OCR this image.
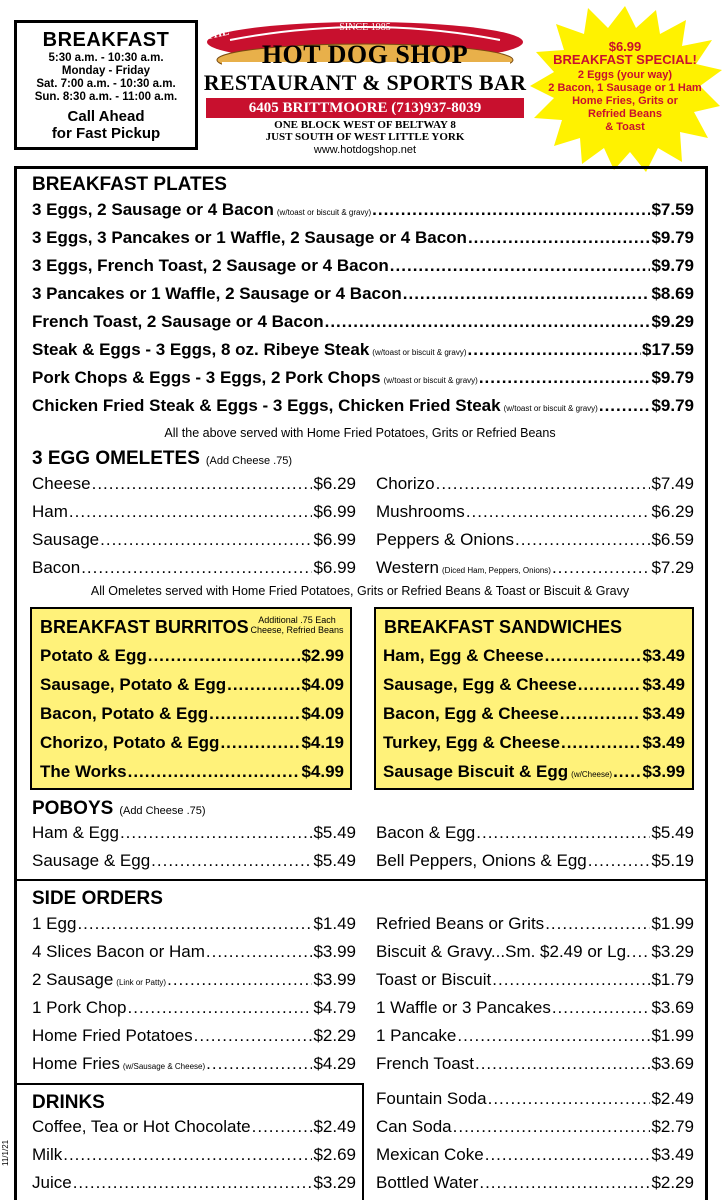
BREAKFAST
5:30 a.m. - 10:30 a.m.
Monday - Friday
Sat. 7:00 a.m. - 10:30 a.m.
Sun. 8:30 a.m. - 11:00 a.m.
Call Ahead
for Fast Pickup
THE	SINCE 1985
HOT DOG SHOP
RESTAURANT & SPORTS BAR
6405 BRITTMOORE (713)937-8039
ONE BLOCK WEST OF BELTWAY 8
JUST SOUTH OF WEST LITTLE YORK
www.hotdogshop.net
$6.99
BREAKFAST SPECIAL!
2 Eggs (your way)
2 Bacon, 1 Sausage or 1 Ham
Home Fries, Grits or
Refried Beans
& Toast
BREAKFAST PLATES
3 Eggs, 2 Sausage or 4 Bacon (w/toast or biscuit & gravy) .....	$7.59
3 Eggs, 3 Pancakes or 1 Waffle, 2 Sausage or 4 Bacon .....	$9.79
3 Eggs, French Toast, 2 Sausage or 4 Bacon .....	$9.79
3 Pancakes or 1 Waffle, 2 Sausage or 4 Bacon .....	$8.69
French Toast, 2 Sausage or 4 Bacon .....	$9.29
Steak & Eggs - 3 Eggs, 8 oz. Ribeye Steak (w/toast or biscuit & gravy) .....	$17.59
Pork Chops & Eggs - 3 Eggs, 2 Pork Chops (w/toast or biscuit & gravy) .....	$9.79
Chicken Fried Steak & Eggs - 3 Eggs, Chicken Fried Steak (w/toast or biscuit & gravy) .....	$9.79
All the above served with Home Fried Potatoes, Grits or Refried Beans
3 EGG OMELETES (Add Cheese .75)
Cheese .....	$6.29
Ham .....	$6.99
Sausage .....	$6.99
Bacon .....	$6.99
Chorizo .....	$7.49
Mushrooms .....	$6.29
Peppers & Onions .....	$6.59
Western (Diced Ham, Peppers, Onions) .....	$7.29
All Omeletes served with Home Fried Potatoes, Grits or Refried Beans & Toast or Biscuit & Gravy
BREAKFAST BURRITOS	Additional .75 Each
Cheese, Refried Beans
Potato & Egg .....	$2.99
Sausage, Potato & Egg .....	$4.09
Bacon, Potato & Egg .....	$4.09
Chorizo, Potato & Egg .....	$4.19
The Works .....	$4.99
BREAKFAST SANDWICHES
Ham, Egg & Cheese .....	$3.49
Sausage, Egg & Cheese .....	$3.49
Bacon, Egg & Cheese .....	$3.49
Turkey, Egg & Cheese .....	$3.49
Sausage Biscuit & Egg (w/Cheese) ..... $3.99
POBOYS (Add Cheese .75)
Ham & Egg .....	$5.49
Sausage & Egg .....	$5.49
Bacon & Egg .....	$5.49
Bell Peppers, Onions & Egg .....	$5.19
SIDE ORDERS
1 Egg .....	$1.49
4 Slices Bacon or Ham .....	$3.99
2 Sausage (Link or Patty) .....	$3.99
1 Pork Chop .....	$4.79
Home Fried Potatoes .....	$2.29
Home Fries (w/Sausage & Cheese) .....	$4.29
Refried Beans or Grits .....	$1.99
Biscuit & Gravy...Sm. $2.49 or Lg. ..... $3.29
Toast or Biscuit .....	$1.79
1 Waffle or 3 Pancakes .....	$3.69
1 Pancake .....	$1.99
French Toast .....	$3.69
DRINKS
Coffee, Tea or Hot Chocolate .....	$2.49
Milk .....	$2.69
Juice .....	$3.29
Fountain Soda .....	$2.49
Can Soda .....	$2.79
Mexican Coke .....	$3.49
Bottled Water .....	$2.29
11/1/21
